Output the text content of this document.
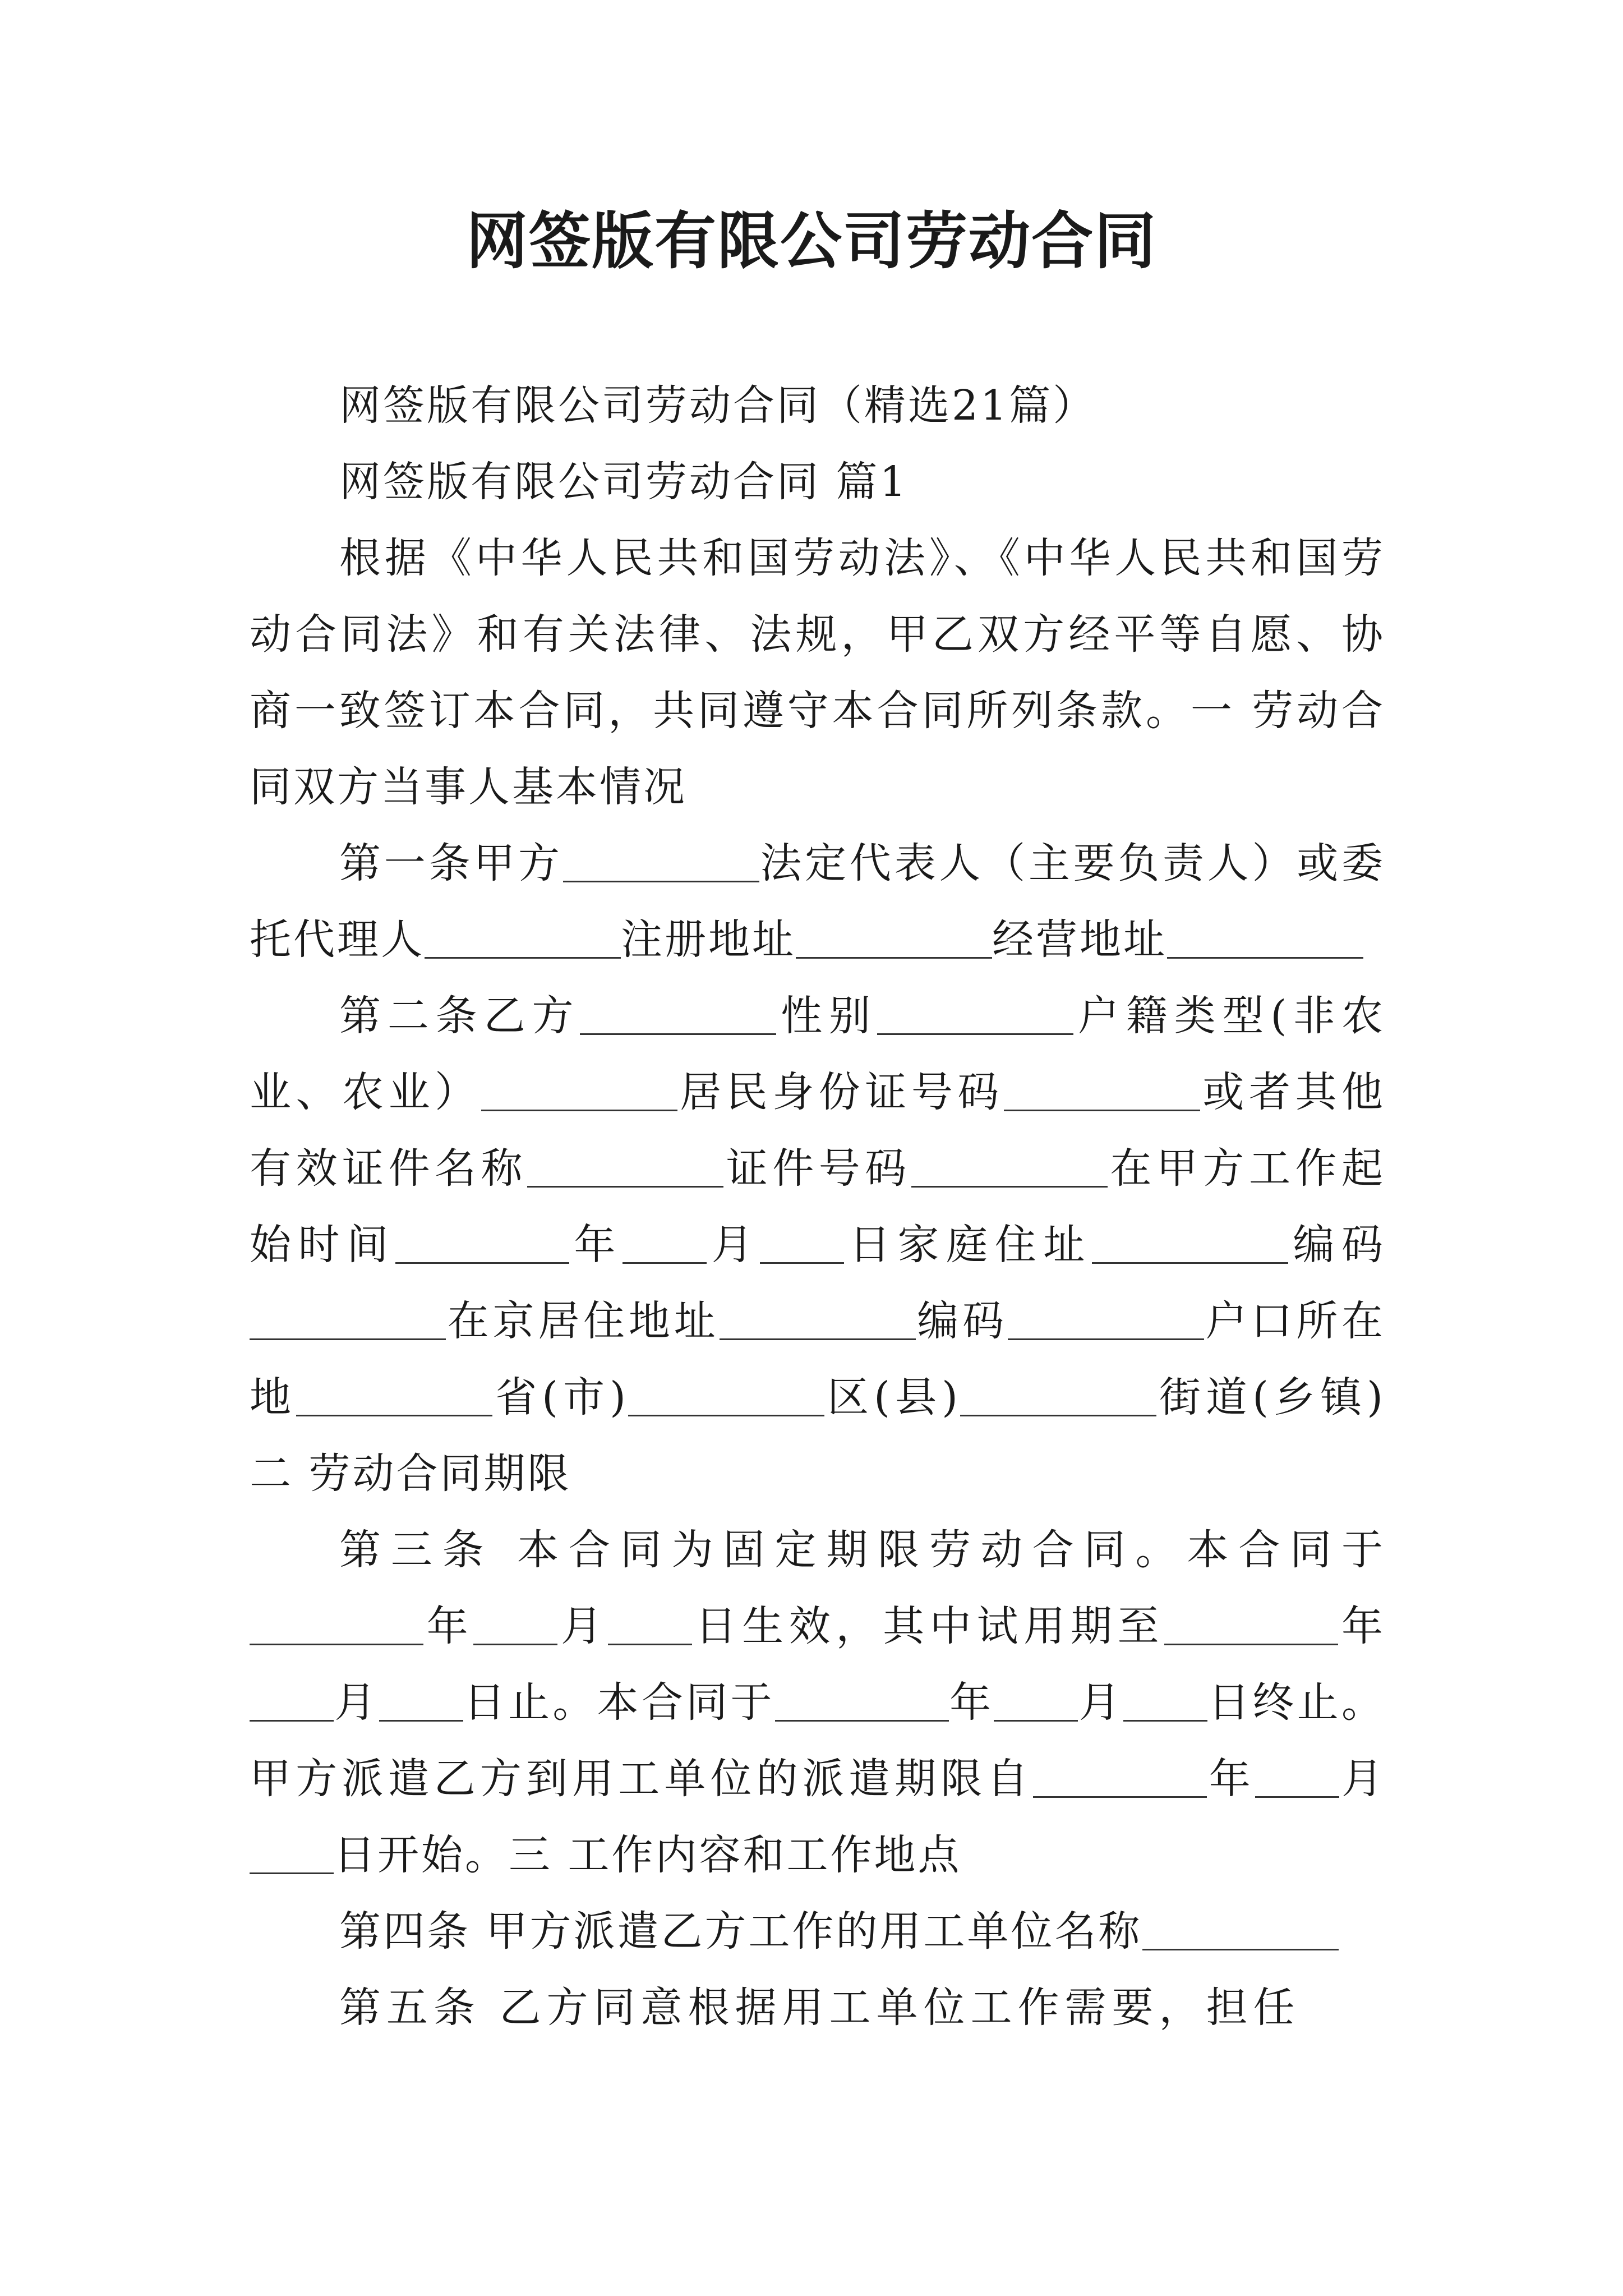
网签版有限公司劳动合同

网签版有限公司劳动合同（精选21篇）

网签版有限公司劳动合同 篇1

根据《中华人民共和国劳动法》、《中华人民共和国劳动合同法》和有关法律、法规，甲乙双方经平等自愿、协商一致签订本合同，共同遵守本合同所列条款。一 劳动合同双方当事人基本情况

第一条甲方	法定代表人（主要负责人）或委托代理人	注册地址	经营地址

第二条乙方	性别	户籍类型(非农业、农业）	居民身份证号码	或者其他有效证件名称	证件号码	在甲方工作起始时间	年 月 日家庭住址	编码在京居住地址	编码	户口所在地	省(市)	区(县)	街道(乡镇)二 劳动合同期限

第三条 本合同为固定期限劳动合同。本合同于年 月 日生效，其中试用期至	年月 日止。本合同于	年 月 日终止。甲方派遣乙方到用工单位的派遣期限自	年 月日开始。三 工作内容和工作地点

第四条 甲方派遣乙方工作的用工单位名称

第五条 乙方同意根据用工单位工作需要，担任
